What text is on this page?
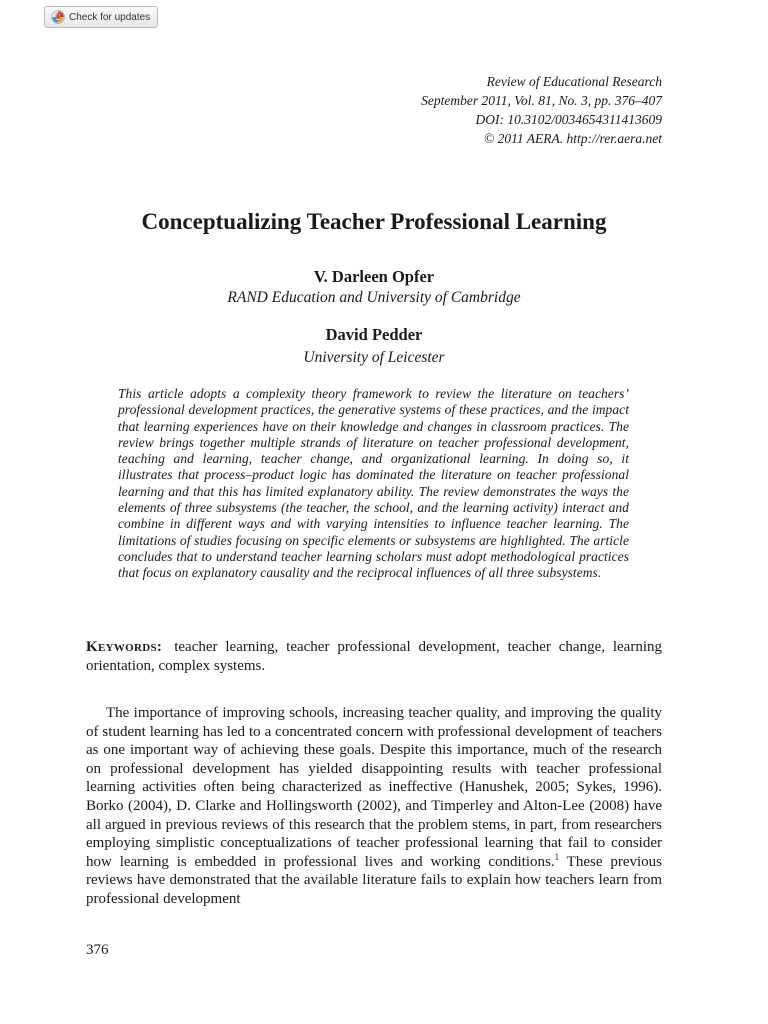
Check for updates
Review of Educational Research
September 2011, Vol. 81, No. 3, pp. 376–407
DOI: 10.3102/0034654311413609
© 2011 AERA. http://rer.aera.net
Conceptualizing Teacher Professional Learning
V. Darleen Opfer
RAND Education and University of Cambridge
David Pedder
University of Leicester

This article adopts a complexity theory framework to review the literature on teachers’ professional development practices, the generative systems of these practices, and the impact that learning experiences have on their knowledge and changes in classroom practices. The review brings together multiple strands of literature on teacher professional development, teaching and learning, teacher change, and organizational learning. In doing so, it illustrates that process–product logic has dominated the literature on teacher professional learning and that this has limited explanatory ability. The review demonstrates the ways the elements of three subsystems (the teacher, the school, and the learning activity) interact and combine in different ways and with varying intensities to influence teacher learning. The limitations of studies focusing on specific elements or subsystems are highlighted. The article concludes that to understand teacher learning scholars must adopt methodological practices that focus on explanatory causality and the reciprocal influences of all three subsystems.

Keywords: teacher learning, teacher professional development, teacher change, learning orientation, complex systems.

The importance of improving schools, increasing teacher quality, and improving the quality of student learning has led to a concentrated concern with professional development of teachers as one important way of achieving these goals. Despite this importance, much of the research on professional development has yielded disappointing results with teacher professional learning activities often being characterized as ineffective (Hanushek, 2005; Sykes, 1996). Borko (2004), D. Clarke and Hollingsworth (2002), and Timperley and Alton-Lee (2008) have all argued in previous reviews of this research that the problem stems, in part, from researchers employing simplistic conceptualizations of teacher professional learning that fail to consider how learning is embedded in professional lives and working conditions.$^1$ These previous reviews have demonstrated that the available literature fails to explain how teachers learn from professional development

376
